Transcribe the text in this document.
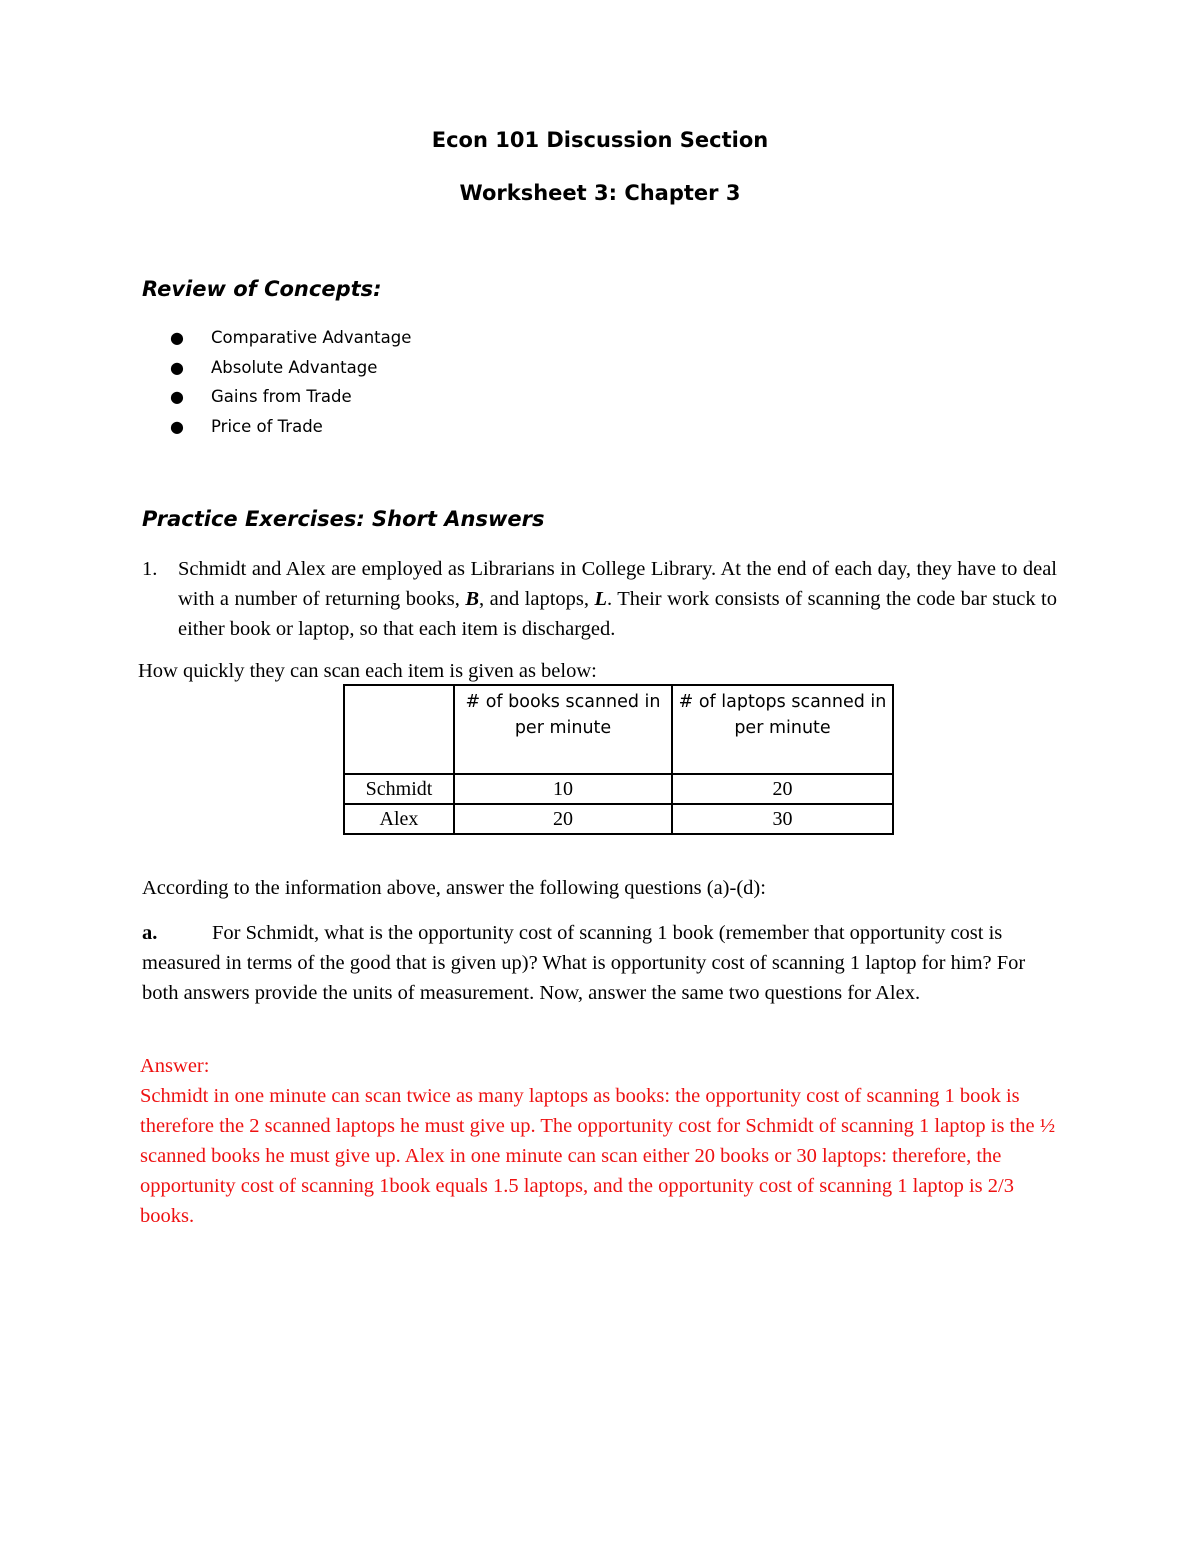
Econ 101 Discussion Section
Worksheet 3: Chapter 3
Review of Concepts:
● Comparative Advantage
● Absolute Advantage
● Gains from Trade
● Price of Trade
Practice Exercises: Short Answers
1. Schmidt and Alex are employed as Librarians in College Library. At the end of each day, they have to deal with a number of returning books, B, and laptops, L. Their work consists of scanning the code bar stuck to either book or laptop, so that each item is discharged.
How quickly they can scan each item is given as below:
	# of books scanned in per minute	# of laptops scanned in per minute
Schmidt	10	20
Alex	20	30
According to the information above, answer the following questions (a)-(d):
a.	For Schmidt, what is the opportunity cost of scanning 1 book (remember that opportunity cost is measured in terms of the good that is given up)? What is opportunity cost of scanning 1 laptop for him? For both answers provide the units of measurement. Now, answer the same two questions for Alex.
Answer:
Schmidt in one minute can scan twice as many laptops as books: the opportunity cost of scanning 1 book is therefore the 2 scanned laptops he must give up. The opportunity cost for Schmidt of scanning 1 laptop is the ½ scanned books he must give up. Alex in one minute can scan either 20 books or 30 laptops: therefore, the opportunity cost of scanning 1book equals 1.5 laptops, and the opportunity cost of scanning 1 laptop is 2/3 books.
